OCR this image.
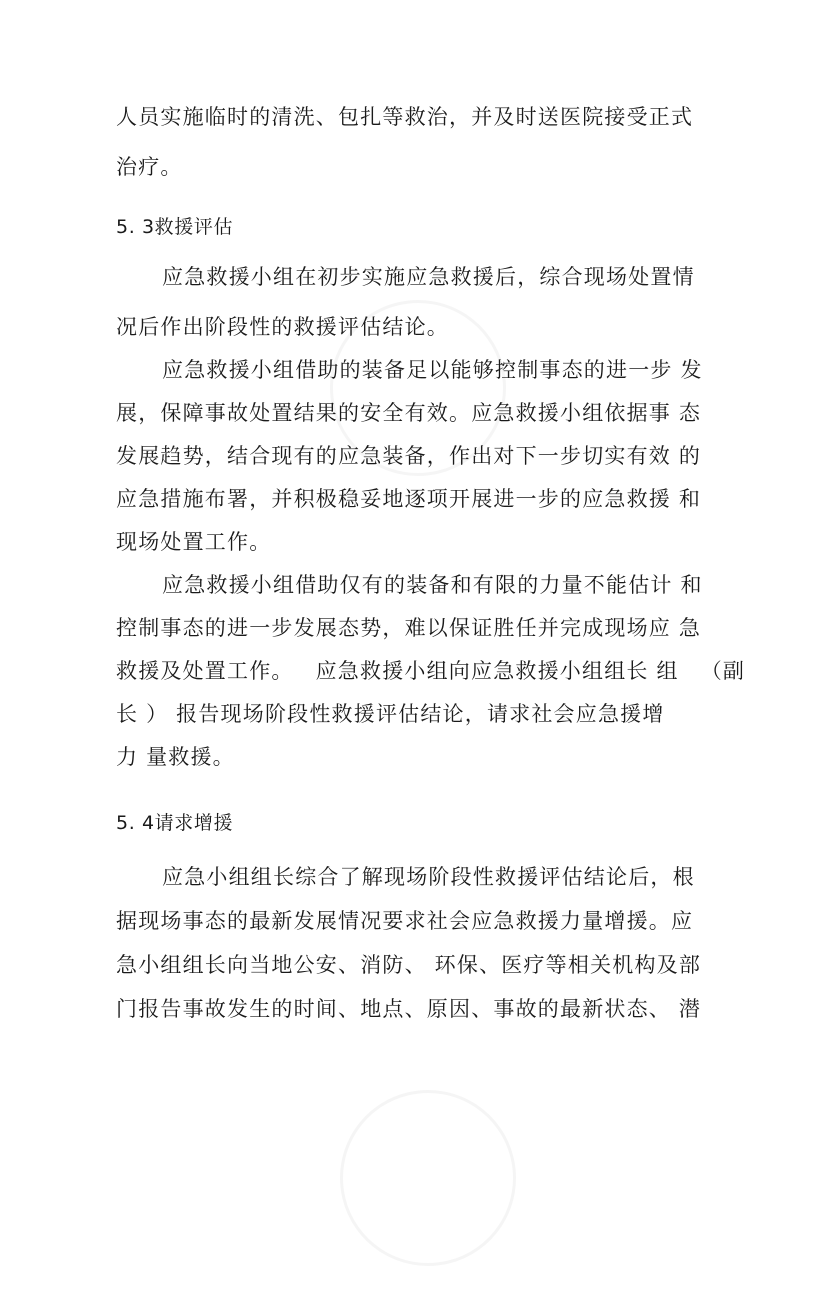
人员实施临时的清洗、包扎等救治，并及时送医院接受正式

治疗。

5. 3救援评估

应急救援小组在初步实施应急救援后，综合现场处置情

况后作出阶段性的救援评估结论。

应急救援小组借助的装备足以能够控制事态的进一步 发

展，保障事故处置结果的安全有效。应急救援小组依据事 态

发展趋势，结合现有的应急装备，作出对下一步切实有效 的

应急措施布署，并积极稳妥地逐项开展进一步的应急救援 和

现场处置工作。

应急救援小组借助仅有的装备和有限的力量不能估计 和

控制事态的进一步发展态势，难以保证胜任并完成现场应 急

救援及处置工作。 应急救援小组向应急救援小组组长 组 （副

长 ） 报告现场阶段性救援评估结论，请求社会应急援增

力 量救援。

5. 4请求增援

应急小组组长综合了解现场阶段性救援评估结论后，根

据现场事态的最新发展情况要求社会应急救援力量增援。应

急小组组长向当地公安、消防、 环保、医疗等相关机构及部

门报告事故发生的时间、地点、原因、事故的最新状态、 潜
